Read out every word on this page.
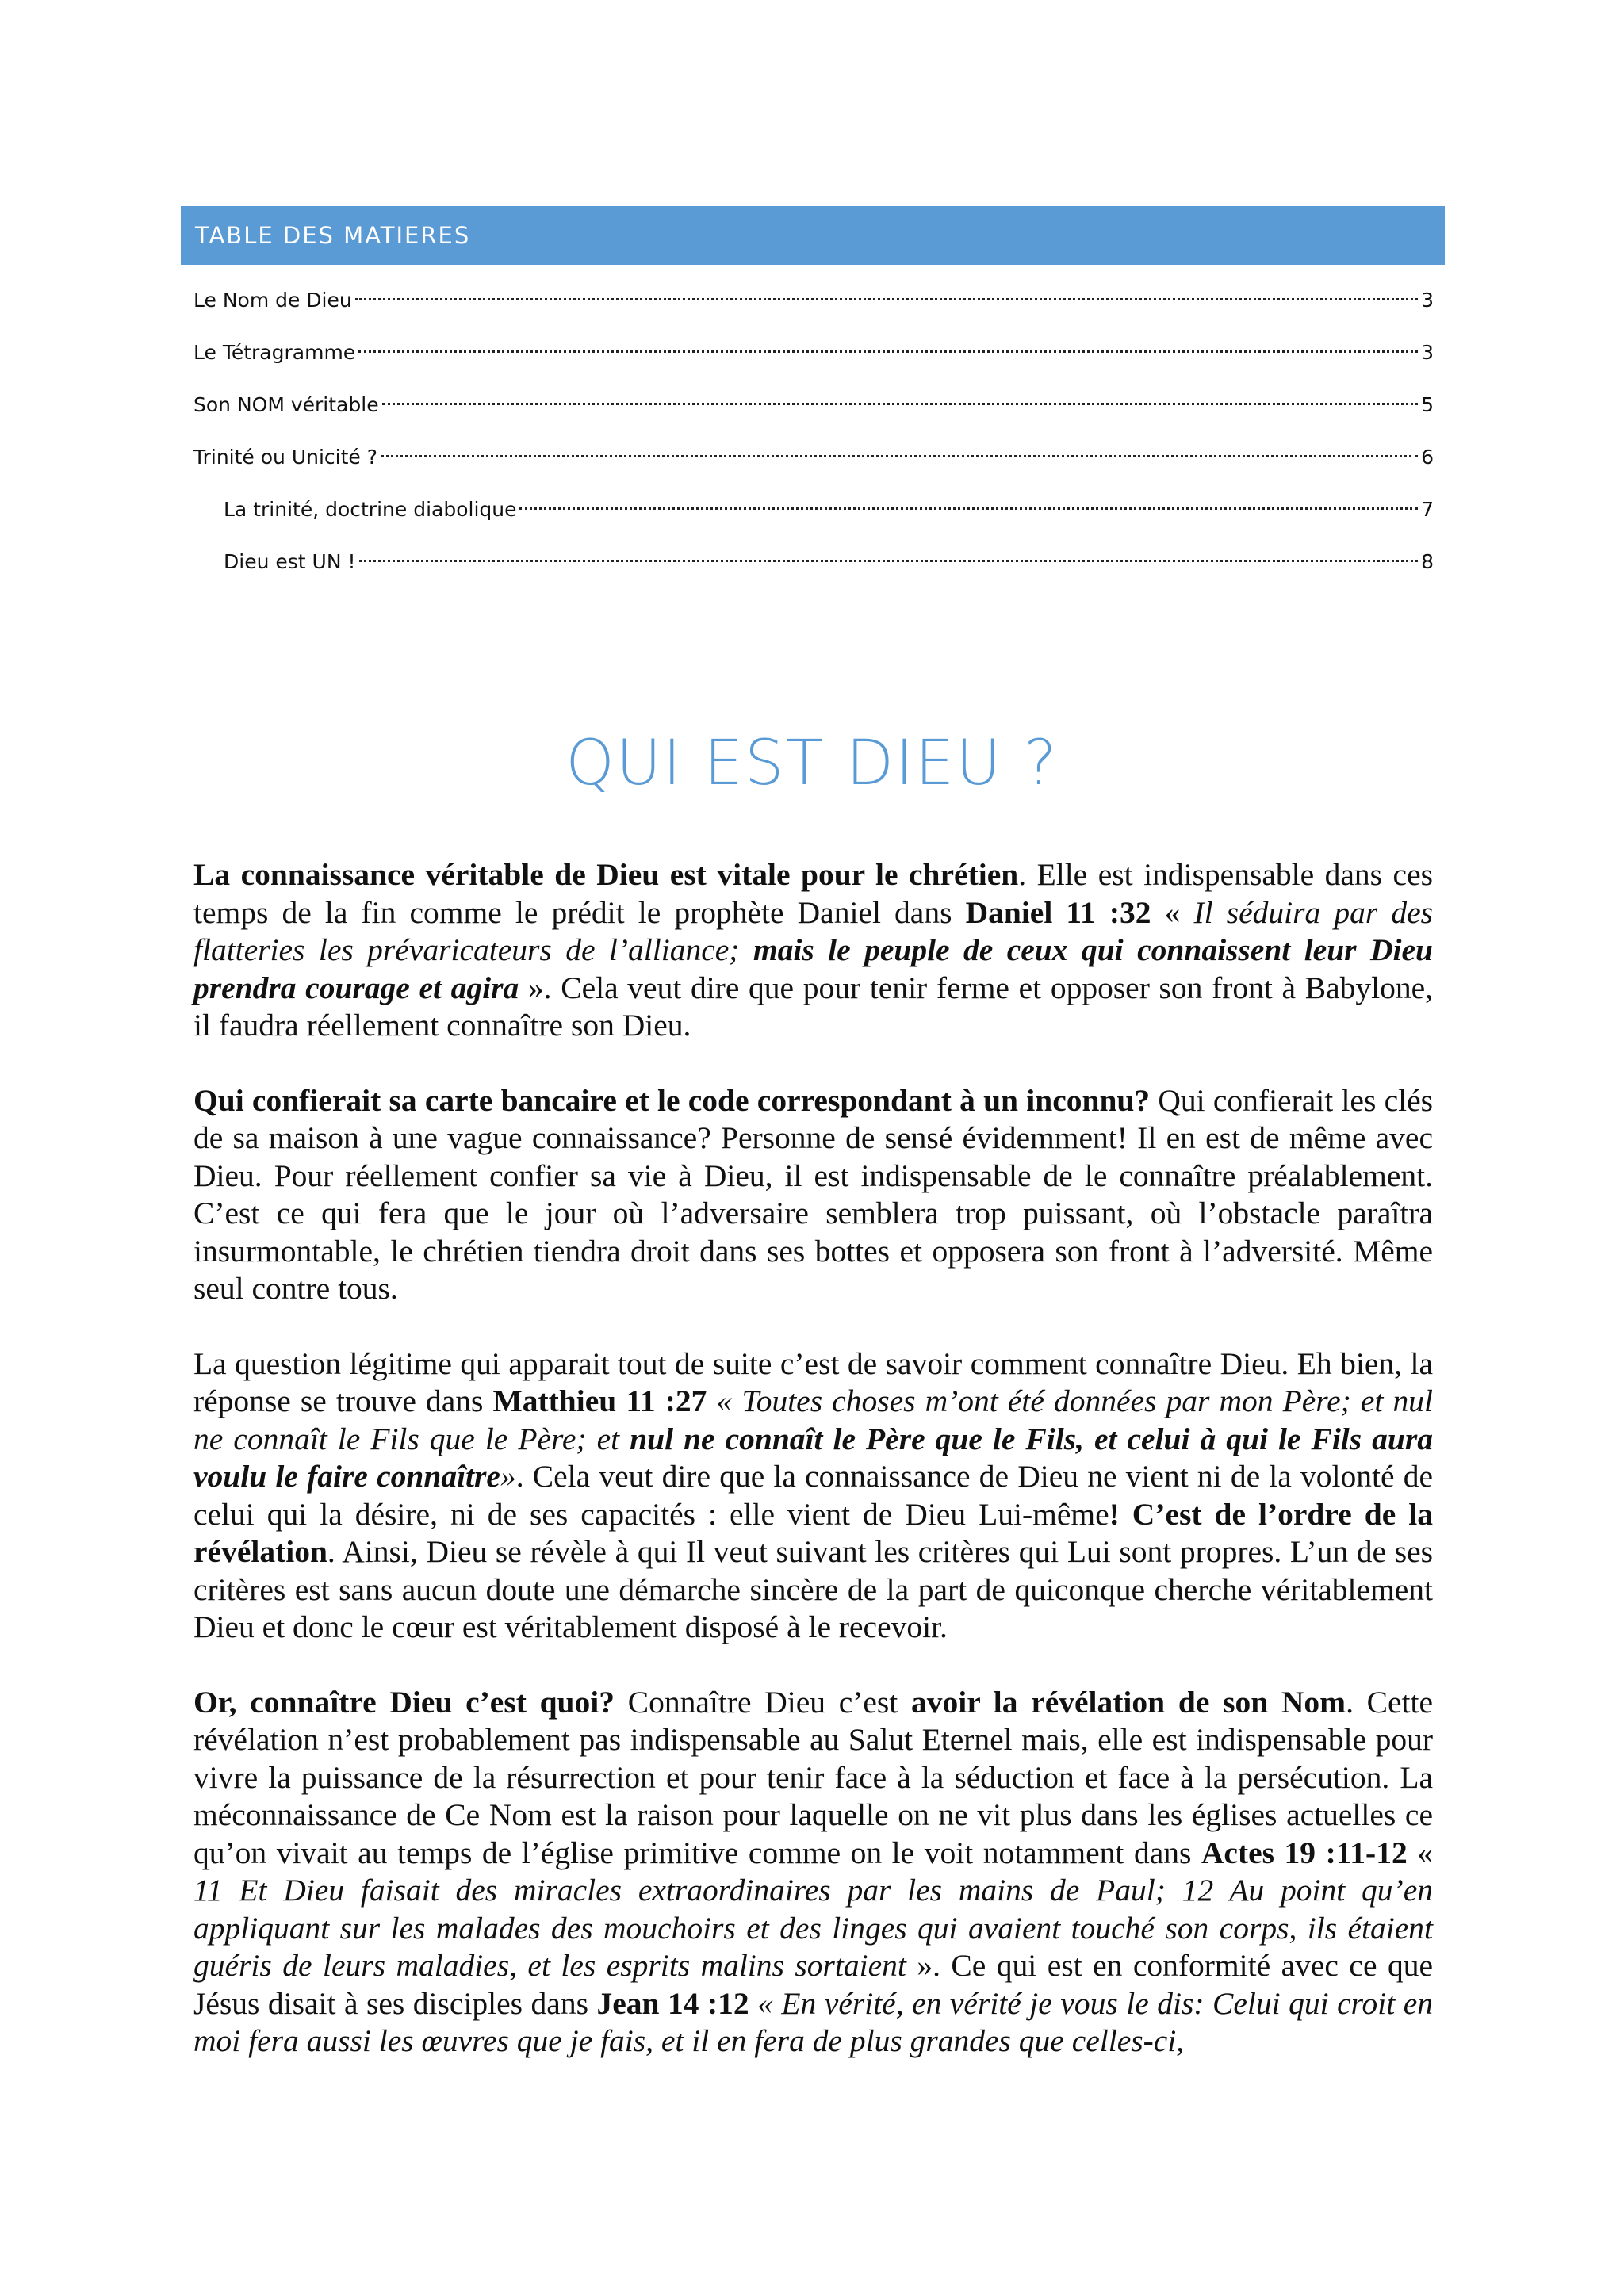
TABLE DES MATIERES
Le Nom de Dieu	3
Le Tétragramme	3
Son NOM véritable	5
Trinité ou Unicité ?	6
La trinité, doctrine diabolique	7
Dieu est UN !	8
QUI EST DIEU ?

La connaissance véritable de Dieu est vitale pour le chrétien. Elle est indispensable dans ces temps de la fin comme le prédit le prophète Daniel dans Daniel 11 :32 « Il séduira par des flatteries les prévaricateurs de l’alliance; mais le peuple de ceux qui connaissent leur Dieu prendra courage et agira ». Cela veut dire que pour tenir ferme et opposer son front à Babylone, il faudra réellement connaître son Dieu.

Qui confierait sa carte bancaire et le code correspondant à un inconnu? Qui confierait les clés de sa maison à une vague connaissance? Personne de sensé évidemment! Il en est de même avec Dieu. Pour réellement confier sa vie à Dieu, il est indispensable de le connaître préalablement. C’est ce qui fera que le jour où l’adversaire semblera trop puissant, où l’obstacle paraîtra insurmontable, le chrétien tiendra droit dans ses bottes et opposera son front à l’adversité. Même seul contre tous.

La question légitime qui apparait tout de suite c’est de savoir comment connaître Dieu. Eh bien, la réponse se trouve dans Matthieu 11 :27 « Toutes choses m’ont été données par mon Père; et nul ne connaît le Fils que le Père; et nul ne connaît le Père que le Fils, et celui à qui le Fils aura voulu le faire connaître». Cela veut dire que la connaissance de Dieu ne vient ni de la volonté de celui qui la désire, ni de ses capacités : elle vient de Dieu Lui-même! C’est de l’ordre de la révélation. Ainsi, Dieu se révèle à qui Il veut suivant les critères qui Lui sont propres. L’un de ses critères est sans aucun doute une démarche sincère de la part de quiconque cherche véritablement Dieu et donc le cœur est véritablement disposé à le recevoir.

Or, connaître Dieu c’est quoi? Connaître Dieu c’est avoir la révélation de son Nom. Cette révélation n’est probablement pas indispensable au Salut Eternel mais, elle est indispensable pour vivre la puissance de la résurrection et pour tenir face à la séduction et face à la persécution. La méconnaissance de Ce Nom est la raison pour laquelle on ne vit plus dans les églises actuelles ce qu’on vivait au temps de l’église primitive comme on le voit notamment dans Actes 19 :11-12 « 11 Et Dieu faisait des miracles extraordinaires par les mains de Paul; 12 Au point qu’en appliquant sur les malades des mouchoirs et des linges qui avaient touché son corps, ils étaient guéris de leurs maladies, et les esprits malins sortaient ». Ce qui est en conformité avec ce que Jésus disait à ses disciples dans Jean 14 :12 « En vérité, en vérité je vous le dis: Celui qui croit en moi fera aussi les œuvres que je fais, et il en fera de plus grandes que celles-ci,
